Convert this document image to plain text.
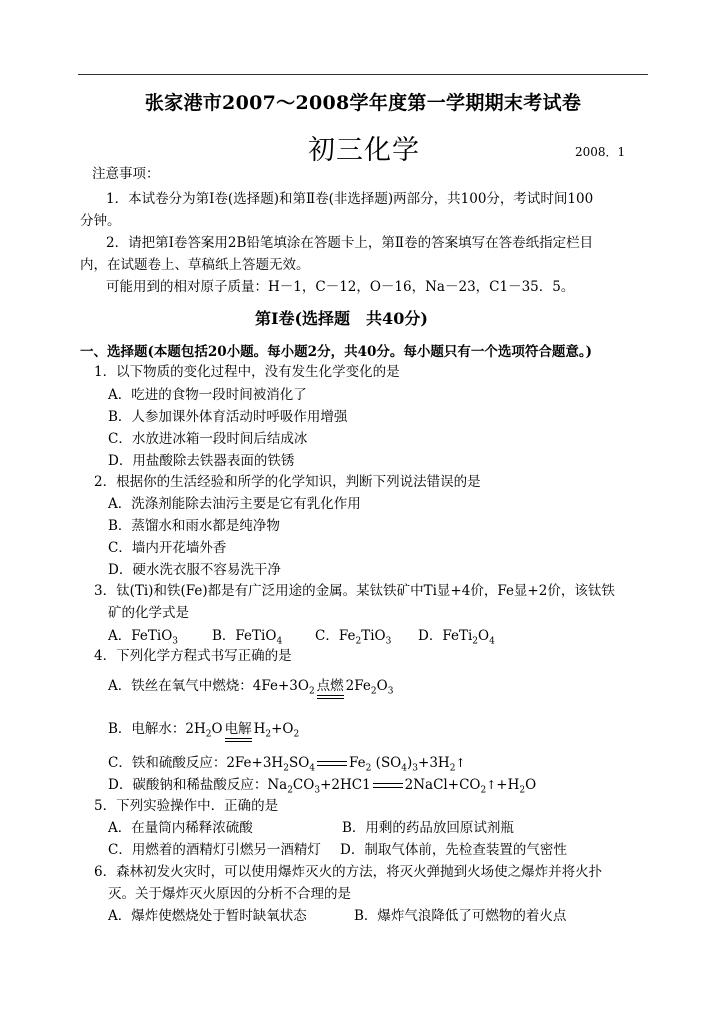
张家港市2007～2008学年度第一学期期末考试卷
初三化学	2008．1
注意事项：
1．本试卷分为第Ⅰ卷(选择题)和第Ⅱ卷(非选择题)两部分，共100分，考试时间100
分钟。
2．请把第Ⅰ卷答案用2B铅笔填涂在答题卡上，第Ⅱ卷的答案填写在答卷纸指定栏目
内，在试题卷上、草稿纸上答题无效。
可能用到的相对原子质量：H－1，C－12，O－16，Na－23，C1－35．5。
第Ⅰ卷(选择题　共40分)
一、选择题(本题包括20小题。每小题2分，共40分。每小题只有一个选项符合题意。)
1．以下物质的变化过程中，没有发生化学变化的是
A．吃进的食物一段时间被消化了
B．人参加课外体育活动时呼吸作用增强
C．水放进冰箱一段时间后结成冰
D．用盐酸除去铁器表面的铁锈
2．根据你的生活经验和所学的化学知识，判断下列说法错误的是
A．洗涤剂能除去油污主要是它有乳化作用
B．蒸馏水和雨水都是纯净物
C．墙内开花墙外香
D．硬水洗衣服不容易洗干净
3．钛(Ti)和铁(Fe)都是有广泛用途的金属。某钛铁矿中Ti显+4价，Fe显+2价，该钛铁
矿的化学式是
A．FeTiO$_3$	B．FeTiO$_4$ C．$Fe_2TiO_3$ D．$FeTi_2O_4$
4．下列化学方程式书写正确的是
A．铁丝在氧气中燃烧：$4Fe+3O_2$ 点燃 $2Fe_2O_3$
B．电解水：$2H_2O$ 电解 $H_2+O_2$
C．铁和硫酸反应：$2Fe+3H_2SO_4$	$Fe_2$ $(SO_4)_3+3H_2↑$
D．碳酸钠和稀盐酸反应：$Na_2CO_3+2HC1$	$2NaCl+CO_2↑+H_2O$
5．下列实验操作中．正确的是
A．在量筒内稀释浓硫酸	B．用剩的药品放回原试剂瓶
C．用燃着的酒精灯引燃另一酒精灯 D．制取气体前，先检查装置的气密性
6．森林初发火灾时，可以使用爆炸灭火的方法，将灭火弹抛到火场使之爆炸并将火扑
灭。关于爆炸灭火原因的分析不合理的是
A．爆炸使燃烧处于暂时缺氧状态	B．爆炸气浪降低了可燃物的着火点
